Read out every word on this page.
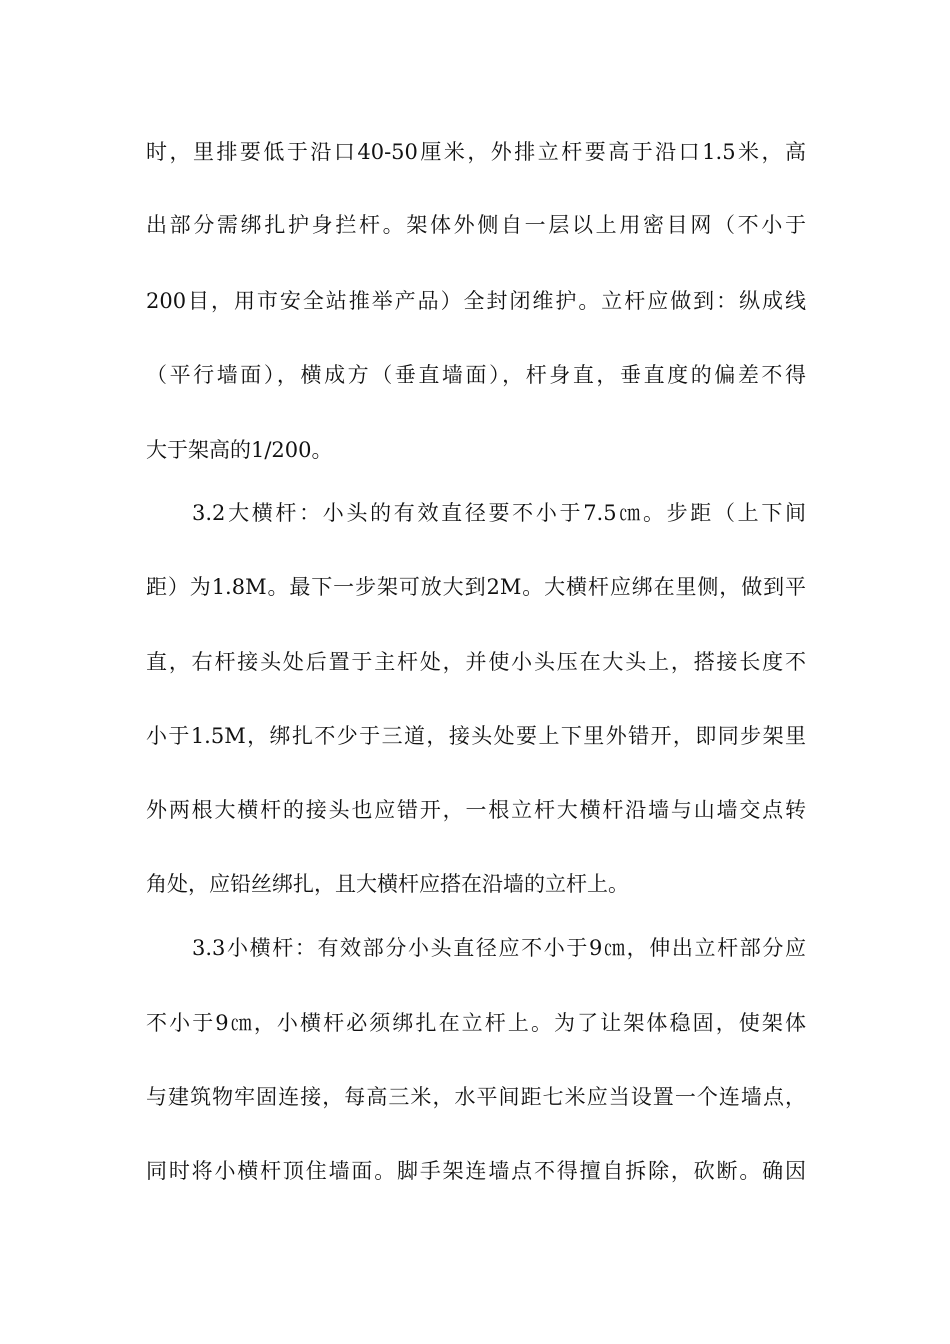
时，里排要低于沿口40-50厘米，外排立杆要高于沿口1.5米，高
出部分需绑扎护身拦杆。架体外侧自一层以上用密目网（不小于
200目，用市安全站推举产品）全封闭维护。立杆应做到：纵成线
（平行墙面），横成方（垂直墙面），杆身直，垂直度的偏差不得
大于架高的1/200。
3.2大横杆：小头的有效直径要不小于7.5㎝。步距（上下间
距）为1.8M。最下一步架可放大到2M。大横杆应绑在里侧，做到平
直，右杆接头处后置于主杆处，并使小头压在大头上，搭接长度不
小于1.5M，绑扎不少于三道，接头处要上下里外错开，即同步架里
外两根大横杆的接头也应错开，一根立杆大横杆沿墙与山墙交点转
角处，应铅丝绑扎，且大横杆应搭在沿墙的立杆上。
3.3小横杆：有效部分小头直径应不小于9㎝，伸出立杆部分应
不小于9㎝，小横杆必须绑扎在立杆上。为了让架体稳固，使架体
与建筑物牢固连接，每高三米，水平间距七米应当设置一个连墙点，
同时将小横杆顶住墙面。脚手架连墙点不得擅自拆除，砍断。确因
